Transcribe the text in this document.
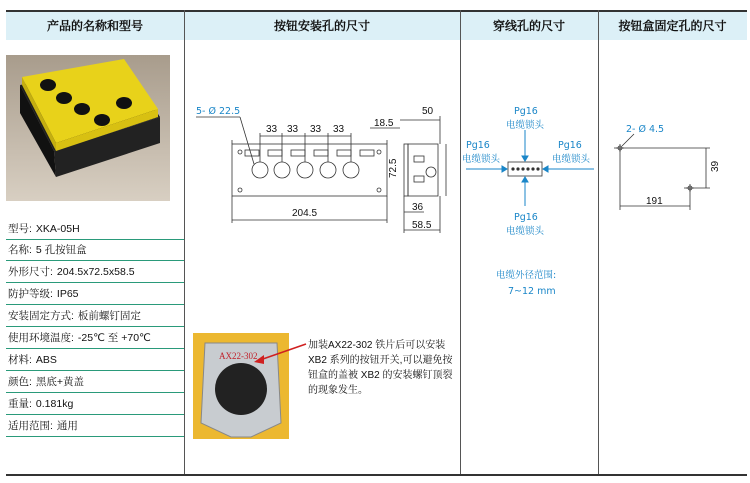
产品的名称和型号	按钮安装孔的尺寸	穿线孔的尺寸	按钮盒固定孔的尺寸
型号: XKA-05H
名称: 5 孔按钮盒
外形尺寸: 204.5x72.5x58.5
防护等级: IP65
安装固定方式: 板前螺钉固定
使用环境温度: -25℃ 至 +70℃
材料: ABS
颜色: 黑底+黄盖
重量: 0.181kg
适用范围: 通用
5- Ø 22.5
33 33 33 33
18.5
50
72.5
204.5
36
58.5
AX22-302
加装AX22-302 铁片后可以安装 XB2 系列的按钮开关,可以避免按钮盒的盖被 XB2 的安装螺钉顶裂的现象发生。
Pg16
电缆锁头
Pg16
电缆锁头
Pg16
电缆锁头
Pg16
电缆锁头
电缆外径范围:
7~12 mm
2- Ø 4.5
39
191
